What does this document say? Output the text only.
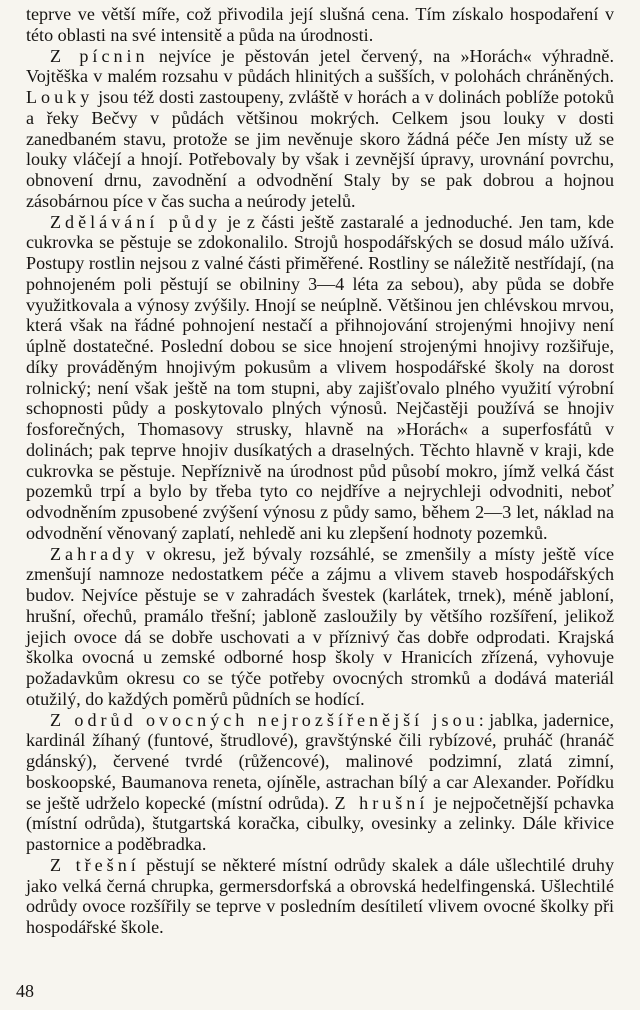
teprve ve větší míře, což přivodila její slušná cena. Tím získalo hospodaření v této oblasti na své intensitě a půda na úrodnosti.

Z pícnin nejvíce je pěstován jetel červený, na »Horách« výhradně. Vojtěška v malém rozsahu v půdách hlinitých a sušších, v polohách chráněných. Louky jsou též dosti zastoupeny, zvláště v horách a v dolinách poblíže potoků a řeky Bečvy v půdách většinou mokrých. Celkem jsou louky v dosti zanedbaném stavu, protože se jim nevěnuje skoro žádná péče Jen místy už se louky vláčejí a hnojí. Potřebovaly by však i zevnější úpravy, urovnání povrchu, obnovení drnu, zavodnění a odvodnění Staly by se pak dobrou a hojnou zásobárnou píce v čas sucha a neúrody jetelů.

Zdělávání půdy je z části ještě zastaralé a jednoduché. Jen tam, kde cukrovka se pěstuje se zdokonalilo. Strojů hospodářských se dosud málo užívá. Postupy rostlin nejsou z valné části přiměřené. Rostliny se náležitě nestřídají, (na pohnojeném poli pěstují se obilniny 3—4 léta za sebou), aby půda se dobře využitkovala a výnosy zvýšily. Hnojí se neúplně. Většinou jen chlévskou mrvou, která však na řádné pohnojení nestačí a přihnojování strojenými hnojivy není úplně dostatečné. Poslední dobou se sice hnojení strojenými hnojivy rozšiřuje, díky prováděným hnojivým pokusům a vlivem hospodářské školy na dorost rolnický; není však ještě na tom stupni, aby zajišťovalo plného využití výrobní schopnosti půdy a poskytovalo plných výnosů. Nejčastěji používá se hnojiv fosforečných, Thomasovy strusky, hlavně na »Horách« a superfosfátů v dolinách; pak teprve hnojiv dusíkatých a draselných. Těchto hlavně v kraji, kde cukrovka se pěstuje. Nepříznivě na úrodnost půd působí mokro, jímž velká část pozemků trpí a bylo by třeba tyto co nejdříve a nejrychleji odvodniti, neboť odvodněním zpusobené zvýšení výnosu z půdy samo, během 2—3 let, náklad na odvodnění věnovaný zaplatí, nehledě ani ku zlepšení hodnoty pozemků.

Zahrady v okresu, jež bývaly rozsáhlé, se zmenšily a místy ještě více zmenšují namnoze nedostatkem péče a zájmu a vlivem staveb hospodářských budov. Nejvíce pěstuje se v zahradách švestek (karlátek, trnek), méně jabloní, hrušní, ořechů, pramálo třešní; jabloně zasloužily by většího rozšíření, jelikož jejich ovoce dá se dobře uschovati a v příznivý čas dobře odprodati. Krajská školka ovocná u zemské odborné hosp školy v Hranicích zřízená, vyhovuje požadavkům okresu co se týče potřeby ovocných stromků a dodává materiál otužilý, do každých poměrů půdních se hodící.

Z odrůd ovocných nejrozšířenější jsou: jablka, jadernice, kardinál žíhaný (funtové, štrudlové), gravštýnské čili rybízové, pruháč (hranáč gdánský), červené tvrdé (růžencové), malinové podzimní, zlatá zimní, boskoopské, Baumanova reneta, ojíněle, astrachan bílý a car Alexander. Pořídku se ještě udrželo kopecké (místní odrůda). Z hrušní je nejpočetnější pchavka (místní odrůda), štutgartská koračka, cibulky, ovesinky a zelinky. Dále křivice pastornice a poděbradka.

Z třešní pěstují se některé místní odrůdy skalek a dále ušlechtilé druhy jako velká černá chrupka, germersdorfská a obrovská hedelfingenská. Ušlechtilé odrůdy ovoce rozšířily se teprve v posledním desítiletí vlivem ovocné školky při hospodářské škole.

48
